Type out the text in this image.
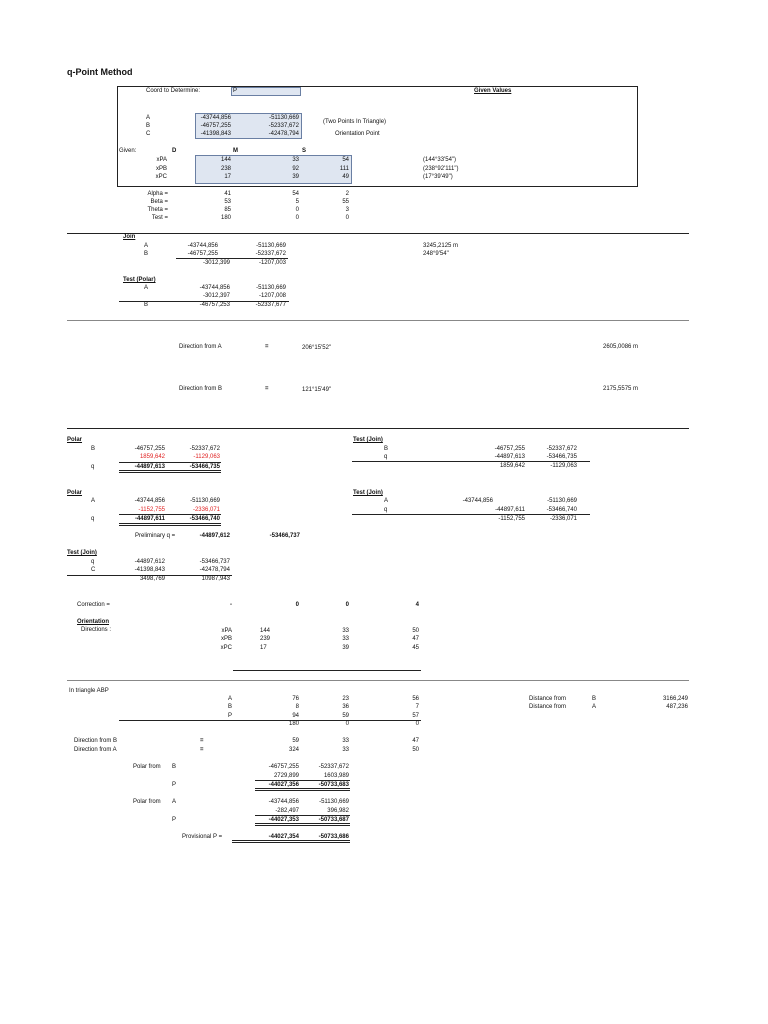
q-Point Method
Coord to Determine:	P	Given Values
A	-43744,856	-51130,669
B	-46757,255	-52337,672
C	-41398,843	-42478,794
(Two Points In Triangle)
Orientation Point
Given:	D	M	S
xPA	144	33	54	(144°33'54")
xPB	238	92	111	(238°92'111")
xPC	17	39	49	(17°39'49")
Alpha =	41	54	2
Beta =	53	5	55
Theta =	85	0	3
Test =	180	0	0
Join
A	-43744,856	-51130,669
B	-46757,255	-52337,672
-3012,399	-1207,003
3245,2125 m
248°9'54"
Test (Polar)
A	-43744,856	-51130,669
-3012,397	-1207,008
B	-46757,253	-52337,677
Direction from A	=	206°15'52"	2605,0086 m
Direction from B	=	121°15'49"	2175,5575 m
Polar
B	-46757,255	-52337,672
1859,642	-1129,063
q	-44897,613	-53466,735
Test (Join)
B	-46757,255	-52337,672
q	-44897,613	-53466,735
1859,642	-1129,063
Polar
A	-43744,856	-51130,669
-1152,755	-2336,071
q	-44897,611	-53466,740
Test (Join)
A	-43744,856	-51130,669
q	-44897,611	-53466,740
-1152,755	-2336,071
Preliminary q =	-44897,612	-53466,737
Test (Join)
q	-44897,612	-53466,737
C	-41398,843	-42478,794
3498,769	10987,943
Correction =	-	0	0	4
Orientation
Directions :	xPA	144	33	50
xPB	239	33	47
xPC	17	39	45
In triangle ABP
A	76	23	56
B	8	36	7
P	94	59	57
180	0	0
Distance from	B	3166,249
Distance from	A	487,236
Direction from B	=	59	33	47
Direction from A	=	324	33	50
Polar from B	-46757,255	-52337,672
2729,899	1603,989
P	-44027,356	-50733,683
Polar from A	-43744,856	-51130,669
-282,497	396,982
P	-44027,353	-50733,687
Provisional P =	-44027,354	-50733,686
